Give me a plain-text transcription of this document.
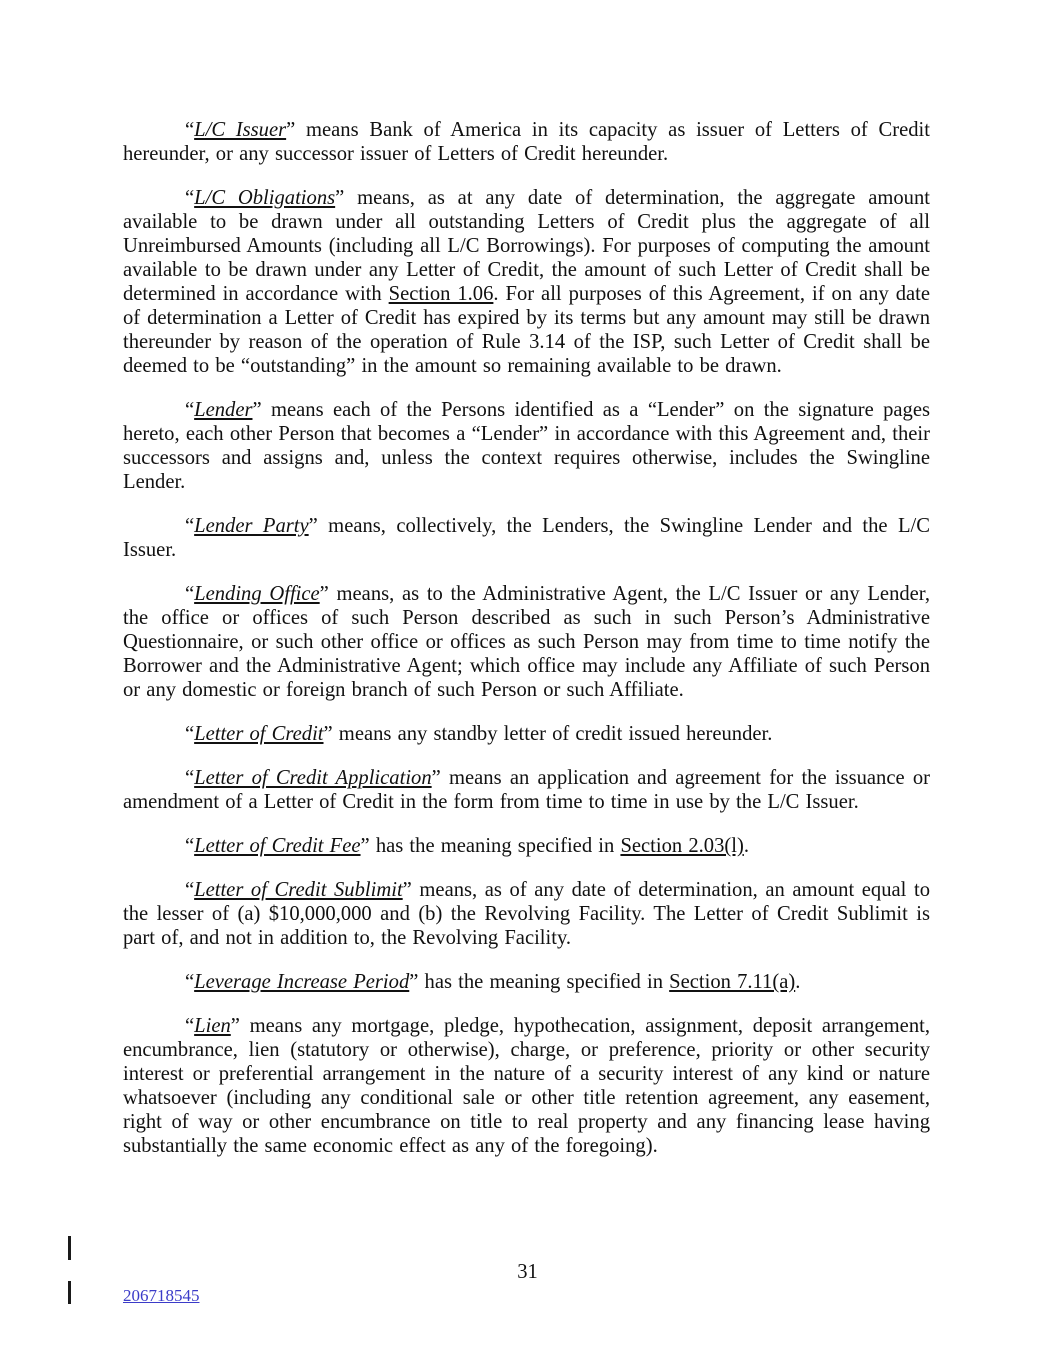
“L/C Issuer” means Bank of America in its capacity as issuer of Letters of Credit hereunder, or any successor issuer of Letters of Credit hereunder.

“L/C Obligations” means, as at any date of determination, the aggregate amount available to be drawn under all outstanding Letters of Credit plus the aggregate of all Unreimbursed Amounts (including all L/C Borrowings). For purposes of computing the amount available to be drawn under any Letter of Credit, the amount of such Letter of Credit shall be determined in accordance with Section 1.06. For all purposes of this Agreement, if on any date of determination a Letter of Credit has expired by its terms but any amount may still be drawn thereunder by reason of the operation of Rule 3.14 of the ISP, such Letter of Credit shall be deemed to be “outstanding” in the amount so remaining available to be drawn.

“Lender” means each of the Persons identified as a “Lender” on the signature pages hereto, each other Person that becomes a “Lender” in accordance with this Agreement and, their successors and assigns and, unless the context requires otherwise, includes the Swingline Lender.

“Lender Party” means, collectively, the Lenders, the Swingline Lender and the L/C Issuer.

“Lending Office” means, as to the Administrative Agent, the L/C Issuer or any Lender, the office or offices of such Person described as such in such Person’s Administrative Questionnaire, or such other office or offices as such Person may from time to time notify the Borrower and the Administrative Agent; which office may include any Affiliate of such Person or any domestic or foreign branch of such Person or such Affiliate.

“Letter of Credit” means any standby letter of credit issued hereunder.

“Letter of Credit Application” means an application and agreement for the issuance or amendment of a Letter of Credit in the form from time to time in use by the L/C Issuer.

“Letter of Credit Fee” has the meaning specified in Section 2.03(l).

“Letter of Credit Sublimit” means, as of any date of determination, an amount equal to the lesser of (a) $10,000,000 and (b) the Revolving Facility. The Letter of Credit Sublimit is part of, and not in addition to, the Revolving Facility.

“Leverage Increase Period” has the meaning specified in Section 7.11(a).

“Lien” means any mortgage, pledge, hypothecation, assignment, deposit arrangement, encumbrance, lien (statutory or otherwise), charge, or preference, priority or other security interest or preferential arrangement in the nature of a security interest of any kind or nature whatsoever (including any conditional sale or other title retention agreement, any easement, right of way or other encumbrance on title to real property and any financing lease having substantially the same economic effect as any of the foregoing).

31
206718545
